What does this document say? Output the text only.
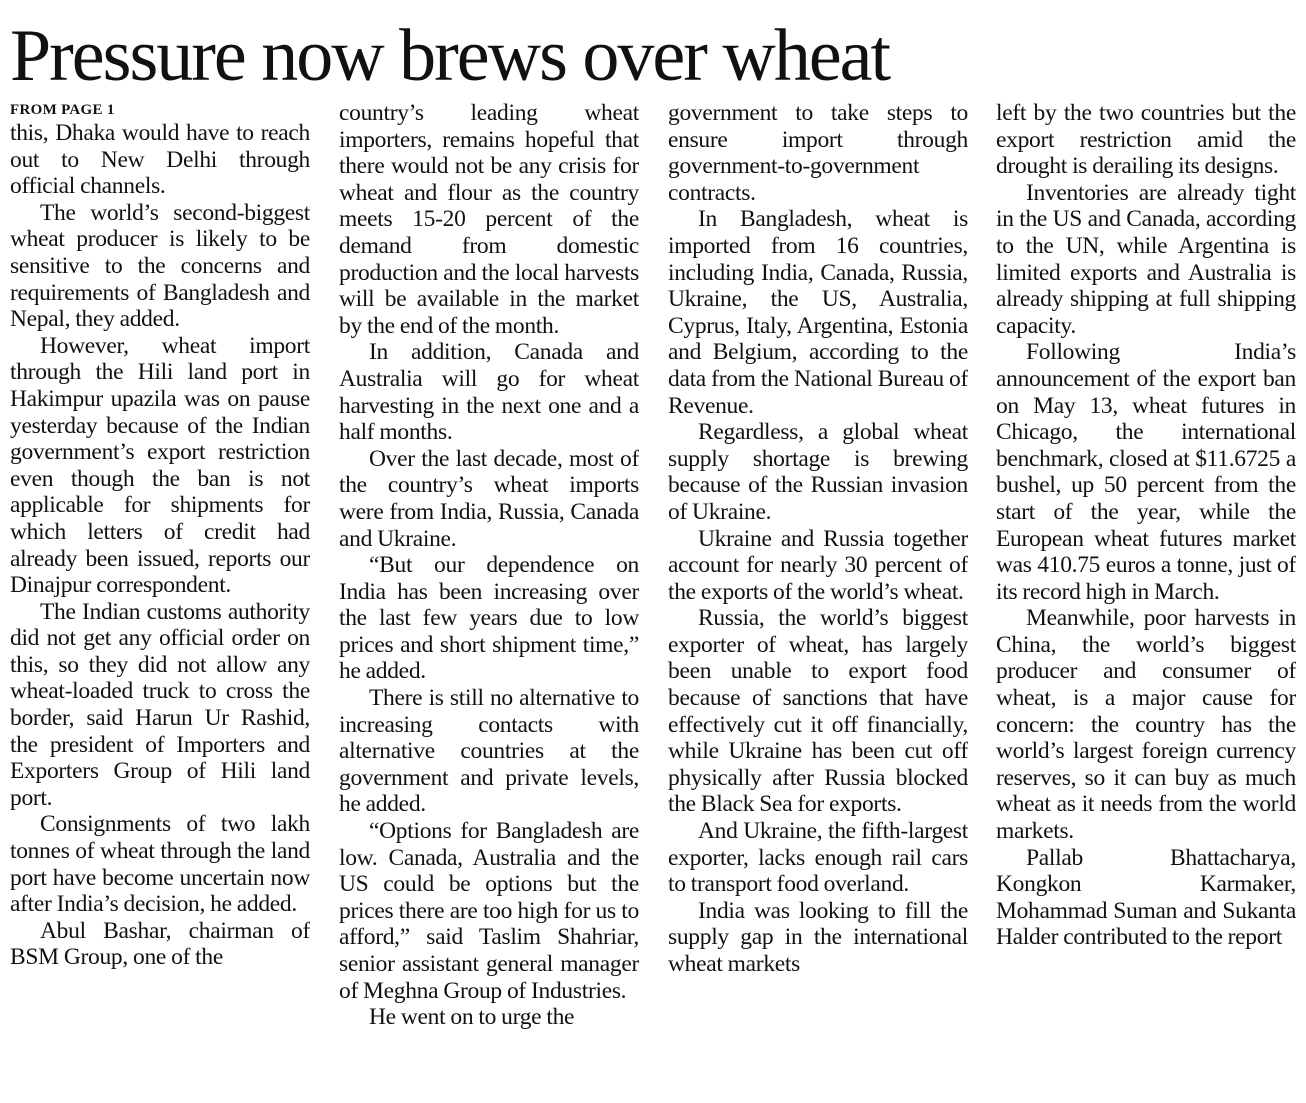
Pressure now brews over wheat
FROM PAGE 1

this, Dhaka would have to reach out to New Delhi through official channels.

The world’s second-biggest wheat producer is likely to be sensitive to the concerns and requirements of Bangladesh and Nepal, they added.

However, wheat import through the Hili land port in Hakimpur upazila was on pause yesterday because of the Indian government’s export restriction even though the ban is not applicable for shipments for which letters of credit had already been issued, reports our Dinajpur correspondent.

The Indian customs authority did not get any official order on this, so they did not allow any wheat-loaded truck to cross the border, said Harun Ur Rashid, the president of Importers and Exporters Group of Hili land port.

Consignments of two lakh tonnes of wheat through the land port have become uncertain now after India’s decision, he added.

Abul Bashar, chairman of BSM Group, one of the

country’s leading wheat importers, remains hopeful that there would not be any crisis for wheat and flour as the country meets 15-20 percent of the demand from domestic production and the local harvests will be available in the market by the end of the month.

In addition, Canada and Australia will go for wheat harvesting in the next one and a half months.

Over the last decade, most of the country’s wheat imports were from India, Russia, Canada and Ukraine.

“But our dependence on India has been increasing over the last few years due to low prices and short shipment time,” he added.

There is still no alternative to increasing contacts with alternative countries at the government and private levels, he added.

“Options for Bangladesh are low. Canada, Australia and the US could be options but the prices there are too high for us to afford,” said Taslim Shahriar, senior assistant general manager of Meghna Group of Industries.

He went on to urge the

government to take steps to ensure import through government-to-government contracts.

In Bangladesh, wheat is imported from 16 countries, including India, Canada, Russia, Ukraine, the US, Australia, Cyprus, Italy, Argentina, Estonia and Belgium, according to the data from the National Bureau of Revenue.

Regardless, a global wheat supply shortage is brewing because of the Russian invasion of Ukraine.

Ukraine and Russia together account for nearly 30 percent of the exports of the world’s wheat.

Russia, the world’s biggest exporter of wheat, has largely been unable to export food because of sanctions that have effectively cut it off financially, while Ukraine has been cut off physically after Russia blocked the Black Sea for exports.

And Ukraine, the fifth-largest exporter, lacks enough rail cars to transport food overland.

India was looking to fill the supply gap in the international wheat markets

left by the two countries but the export restriction amid the drought is derailing its designs.

Inventories are already tight in the US and Canada, according to the UN, while Argentina is limited exports and Australia is already shipping at full shipping capacity.

Following India’s announcement of the export ban on May 13, wheat futures in Chicago, the international benchmark, closed at $11.6725 a bushel, up 50 percent from the start of the year, while the European wheat futures market was 410.75 euros a tonne, just of its record high in March.

Meanwhile, poor harvests in China, the world’s biggest producer and consumer of wheat, is a major cause for concern: the country has the world’s largest foreign currency reserves, so it can buy as much wheat as it needs from the world markets.

Pallab Bhattacharya, Kongkon Karmaker, Mohammad Suman and Sukanta Halder contributed to the report
